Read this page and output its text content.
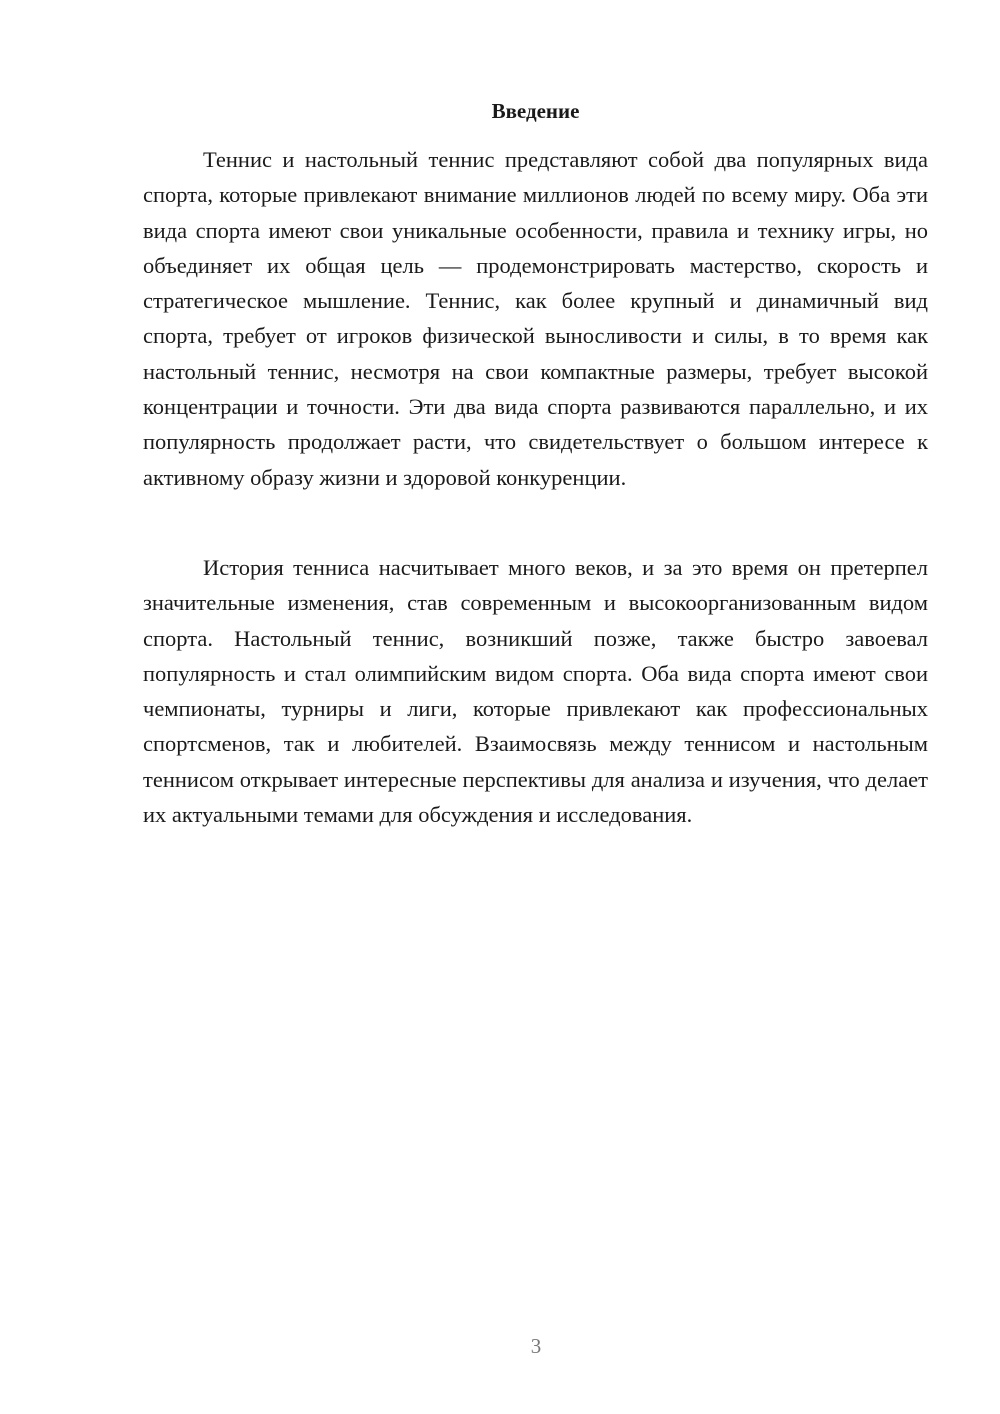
Введение

Теннис и настольный теннис представляют собой два популярных вида спорта, которые привлекают внимание миллионов людей по всему миру. Оба эти вида спорта имеют свои уникальные особенности, правила и технику игры, но объединяет их общая цель — продемонстрировать мастерство, скорость и стратегическое мышление. Теннис, как более крупный и динамичный вид спорта, требует от игроков физической выносливости и силы, в то время как настольный теннис, несмотря на свои компактные размеры, требует высокой концентрации и точности. Эти два вида спорта развиваются параллельно, и их популярность продолжает расти, что свидетельствует о большом интересе к активному образу жизни и здоровой конкуренции.

История тенниса насчитывает много веков, и за это время он претерпел значительные изменения, став современным и высокоорганизованным видом спорта. Настольный теннис, возникший позже, также быстро завоевал популярность и стал олимпийским видом спорта. Оба вида спорта имеют свои чемпионаты, турниры и лиги, которые привлекают как профессиональных спортсменов, так и любителей. Взаимосвязь между теннисом и настольным теннисом открывает интересные перспективы для анализа и изучения, что делает их актуальными темами для обсуждения и исследования.

3
